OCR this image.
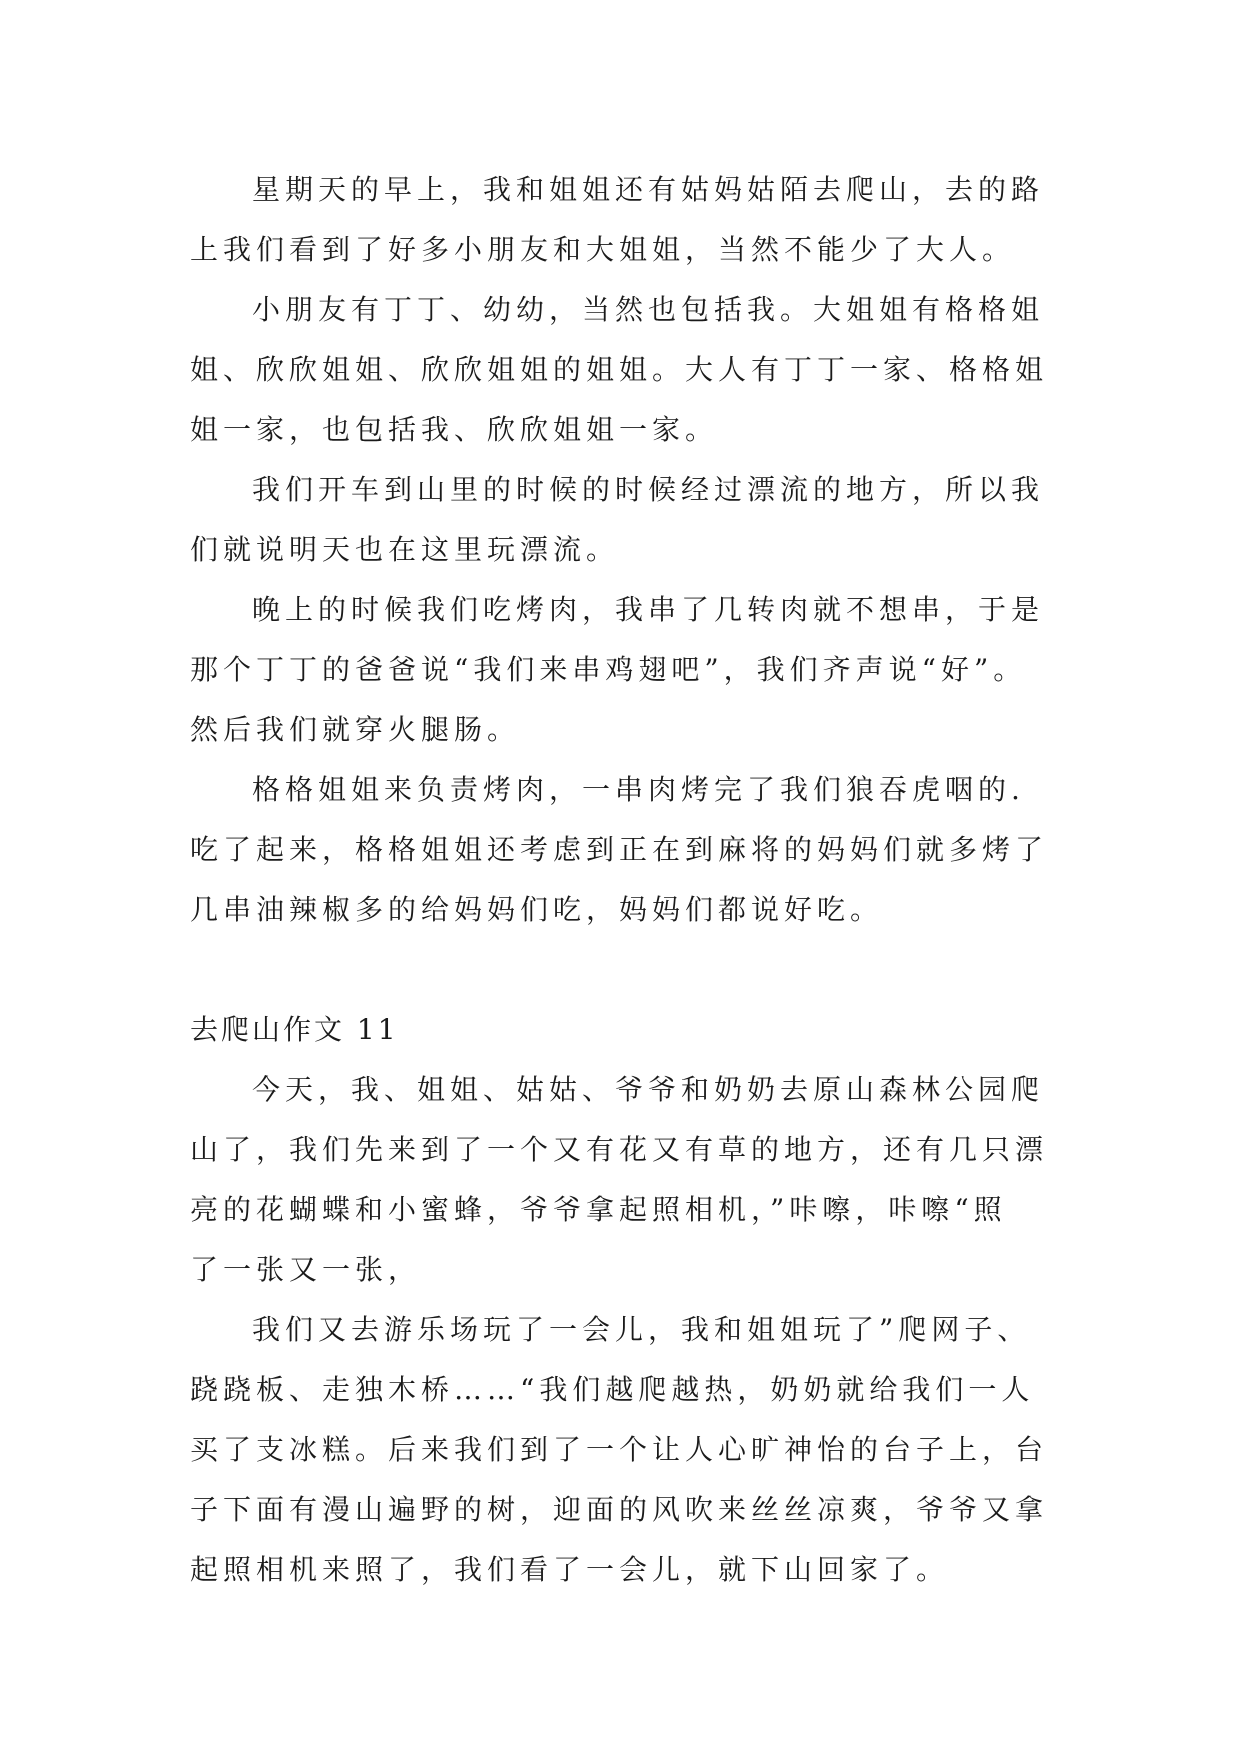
星期天的早上，我和姐姐还有姑妈姑陌去爬山，去的路
上我们看到了好多小朋友和大姐姐，当然不能少了大人。
小朋友有丁丁、幼幼，当然也包括我。大姐姐有格格姐
姐、欣欣姐姐、欣欣姐姐的姐姐。大人有丁丁一家、格格姐
姐一家，也包括我、欣欣姐姐一家。
我们开车到山里的时候的时候经过漂流的地方，所以我
们就说明天也在这里玩漂流。
晚上的时候我们吃烤肉，我串了几转肉就不想串，于是
那个丁丁的爸爸说“我们来串鸡翅吧”，我们齐声说“好”。
然后我们就穿火腿肠。
格格姐姐来负责烤肉，一串肉烤完了我们狼吞虎咽的.
吃了起来，格格姐姐还考虑到正在到麻将的妈妈们就多烤了
几串油辣椒多的给妈妈们吃，妈妈们都说好吃。
去爬山作文 11
今天，我、姐姐、姑姑、爷爷和奶奶去原山森林公园爬
山了，我们先来到了一个又有花又有草的地方，还有几只漂
亮的花蝴蝶和小蜜蜂，爷爷拿起照相机，”咔嚓，咔嚓“照
了一张又一张，
我们又去游乐场玩了一会儿，我和姐姐玩了”爬网子、
跷跷板、走独木桥……“我们越爬越热，奶奶就给我们一人
买了支冰糕。后来我们到了一个让人心旷神怡的台子上，台
子下面有漫山遍野的树，迎面的风吹来丝丝凉爽，爷爷又拿
起照相机来照了，我们看了一会儿，就下山回家了。
